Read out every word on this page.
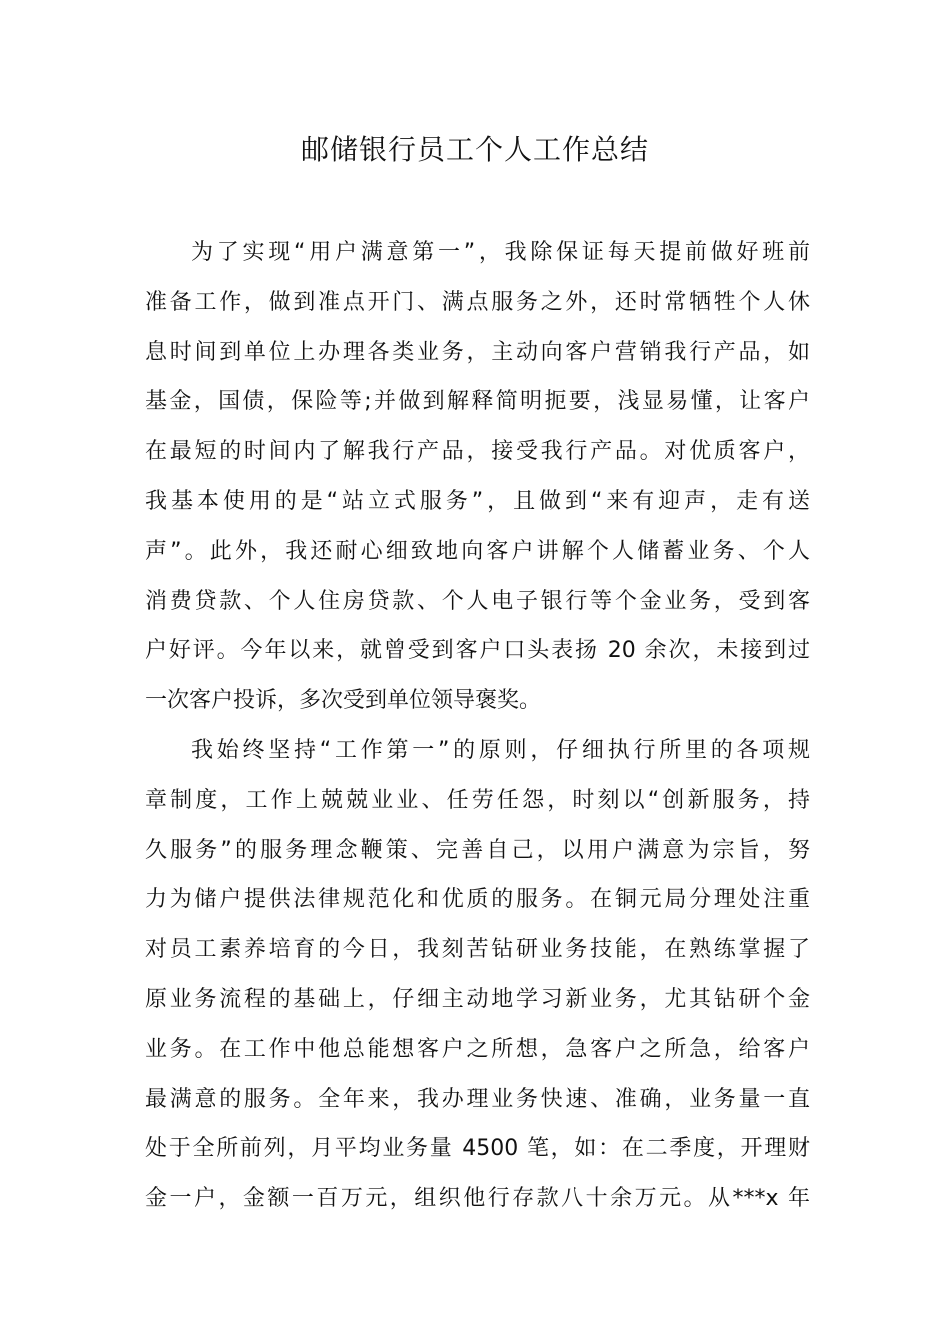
邮储银行员工个人工作总结
为了实现“用户满意第一”，我除保证每天提前做好班前
准备工作，做到准点开门、满点服务之外，还时常牺牲个人休
息时间到单位上办理各类业务，主动向客户营销我行产品，如
基金，国债，保险等;并做到解释简明扼要，浅显易懂，让客户
在最短的时间内了解我行产品，接受我行产品。对优质客户，
我基本使用的是“站立式服务”，且做到“来有迎声，走有送
声”。此外，我还耐心细致地向客户讲解个人储蓄业务、个人
消费贷款、个人住房贷款、个人电子银行等个金业务，受到客
户好评。今年以来，就曾受到客户口头表扬 20 余次，未接到过
一次客户投诉，多次受到单位领导褒奖。
我始终坚持“工作第一”的原则，仔细执行所里的各项规
章制度，工作上兢兢业业、任劳任怨，时刻以“创新服务，持
久服务”的服务理念鞭策、完善自己，以用户满意为宗旨，努
力为储户提供法律规范化和优质的服务。在铜元局分理处注重
对员工素养培育的今日，我刻苦钻研业务技能，在熟练掌握了
原业务流程的基础上，仔细主动地学习新业务，尤其钻研个金
业务。在工作中他总能想客户之所想，急客户之所急，给客户
最满意的服务。全年来，我办理业务快速、准确，业务量一直
处于全所前列，月平均业务量 4500 笔，如：在二季度，开理财
金一户，金额一百万元，组织他行存款八十余万元。从***x 年
